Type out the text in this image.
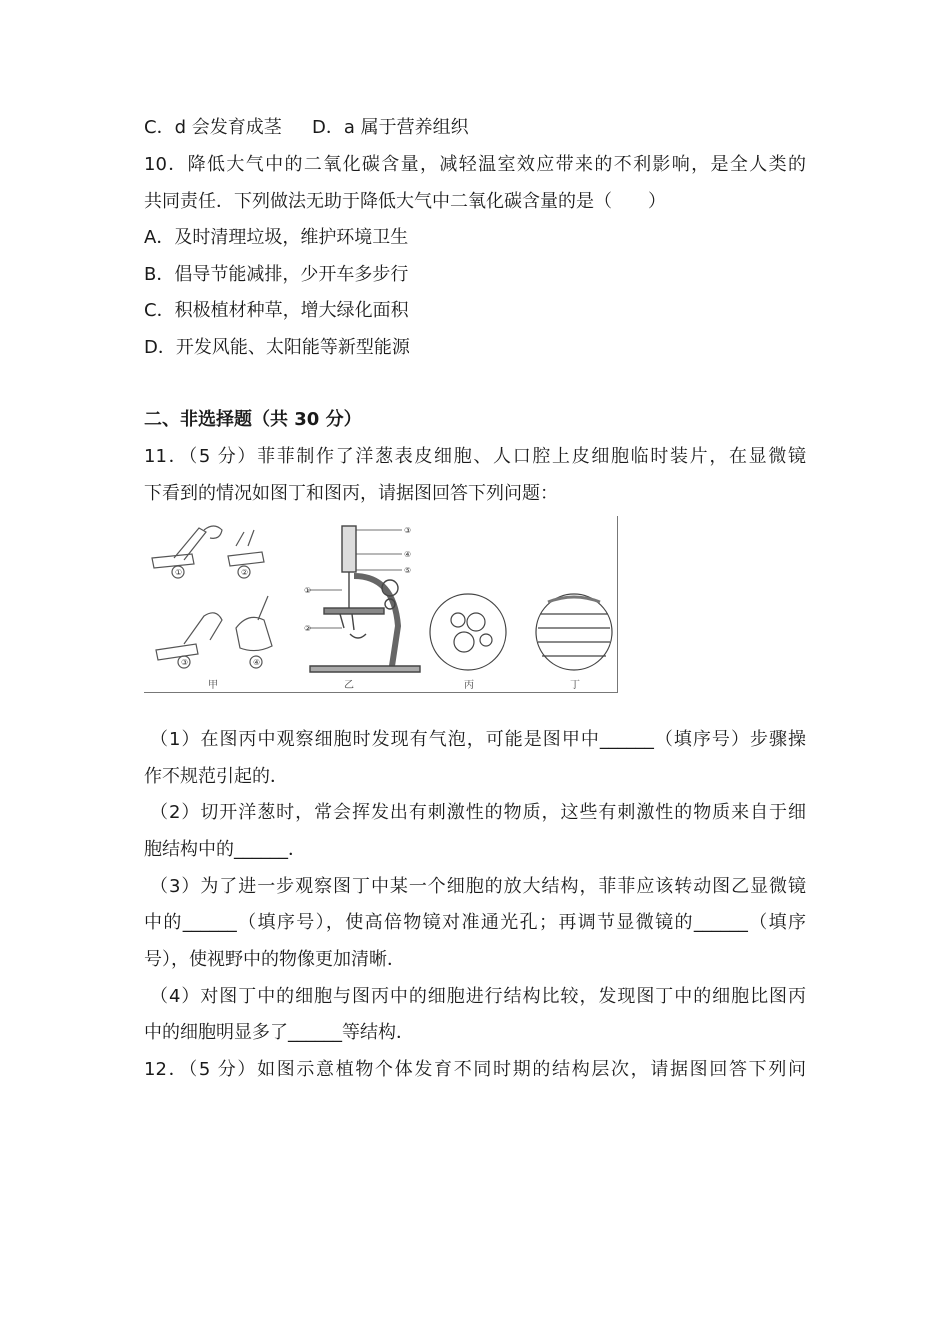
C．d 会发育成茎 D．a 属于营养组织
10．降低大气中的二氧化碳含量，减轻温室效应带来的不利影响，是全人类的
共同责任．下列做法无助于降低大气中二氧化碳含量的是（　　）
A．及时清理垃圾，维护环境卫生
B．倡导节能减排，少开车多步行
C．积极植材种草，增大绿化面积
D．开发风能、太阳能等新型能源
二、非选择题（共 30 分）
11．（5 分）菲菲制作了洋葱表皮细胞、人口腔上皮细胞临时装片，在显微镜
下看到的情况如图丁和图丙，请据图回答下列问题：
①	②
③	④
①
②
③
④
⑤
甲	乙	丙	丁
（1）在图丙中观察细胞时发现有气泡，可能是图甲中______（填序号）步骤操
作不规范引起的．
（2）切开洋葱时，常会挥发出有刺激性的物质，这些有刺激性的物质来自于细
胞结构中的______．
（3）为了进一步观察图丁中某一个细胞的放大结构，菲菲应该转动图乙显微镜
中的______（填序号），使高倍物镜对准通光孔；再调节显微镜的______（填序
号），使视野中的物像更加清晰．
（4）对图丁中的细胞与图丙中的细胞进行结构比较，发现图丁中的细胞比图丙
中的细胞明显多了______等结构．
12．（5 分）如图示意植物个体发育不同时期的结构层次，请据图回答下列问
